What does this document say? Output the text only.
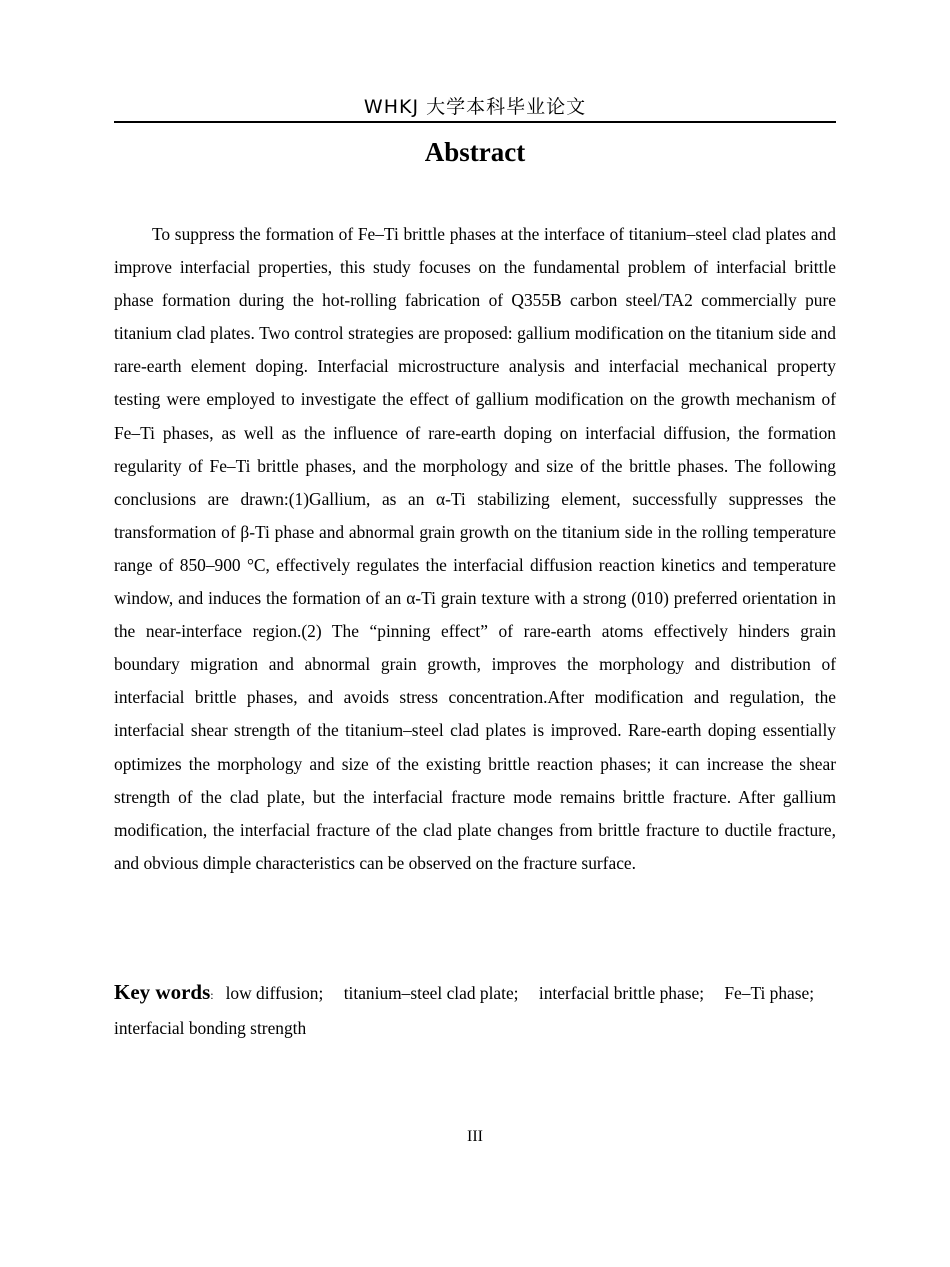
WHKJ 大学本科毕业论文
Abstract

To suppress the formation of Fe–Ti brittle phases at the interface of titanium–steel clad plates and improve interfacial properties, this study focuses on the fundamental problem of interfacial brittle phase formation during the hot-rolling fabrication of Q355B carbon steel/TA2 commercially pure titanium clad plates. Two control strategies are proposed: gallium modification on the titanium side and rare-earth element doping. Interfacial microstructure analysis and interfacial mechanical property testing were employed to investigate the effect of gallium modification on the growth mechanism of Fe–Ti phases, as well as the influence of rare-earth doping on interfacial diffusion, the formation regularity of Fe–Ti brittle phases, and the morphology and size of the brittle phases. The following conclusions are drawn:(1)Gallium, as an α-Ti stabilizing element, successfully suppresses the transformation of β-Ti phase and abnormal grain growth on the titanium side in the rolling temperature range of 850–900 °C, effectively regulates the interfacial diffusion reaction kinetics and temperature window, and induces the formation of an α-Ti grain texture with a strong (010) preferred orientation in the near-interface region.(2) The “pinning effect” of rare-earth atoms effectively hinders grain boundary migration and abnormal grain growth, improves the morphology and distribution of interfacial brittle phases, and avoids stress concentration.After modification and regulation, the interfacial shear strength of the titanium–steel clad plates is improved. Rare-earth doping essentially optimizes the morphology and size of the existing brittle reaction phases; it can increase the shear strength of the clad plate, but the interfacial fracture mode remains brittle fracture. After gallium modification, the interfacial fracture of the clad plate changes from brittle fracture to ductile fracture, and obvious dimple characteristics can be observed on the fracture surface.

Key words: low diffusion; titanium–steel clad plate; interfacial brittle phase; Fe–Ti phase; interfacial bonding strength

III
